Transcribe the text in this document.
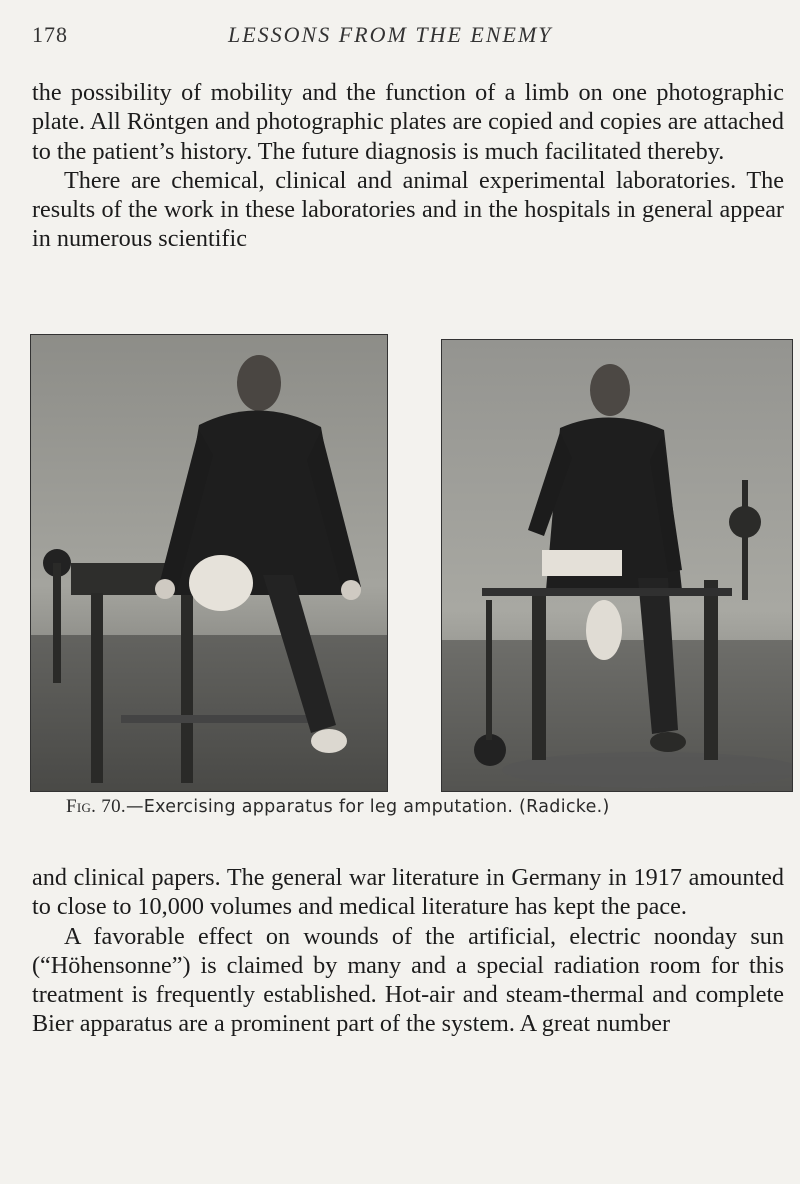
178	LESSONS FROM THE ENEMY

the possibility of mobility and the function of a limb on one photographic plate. All Röntgen and photographic plates are copied and copies are attached to the patient’s history. The future diagnosis is much facilitated thereby.

There are chemical, clinical and animal experimental laboratories. The results of the work in these laboratories and in the hospitals in general appear in numerous scientific

Fig. 70.—Exercising apparatus for leg amputation. (Radicke.)

and clinical papers. The general war literature in Germany in 1917 amounted to close to 10,000 volumes and medical literature has kept the pace.

A favorable effect on wounds of the artificial, electric noonday sun (“Höhensonne”) is claimed by many and a special radiation room for this treatment is frequently established. Hot-air and steam-thermal and complete Bier apparatus are a prominent part of the system. A great number
